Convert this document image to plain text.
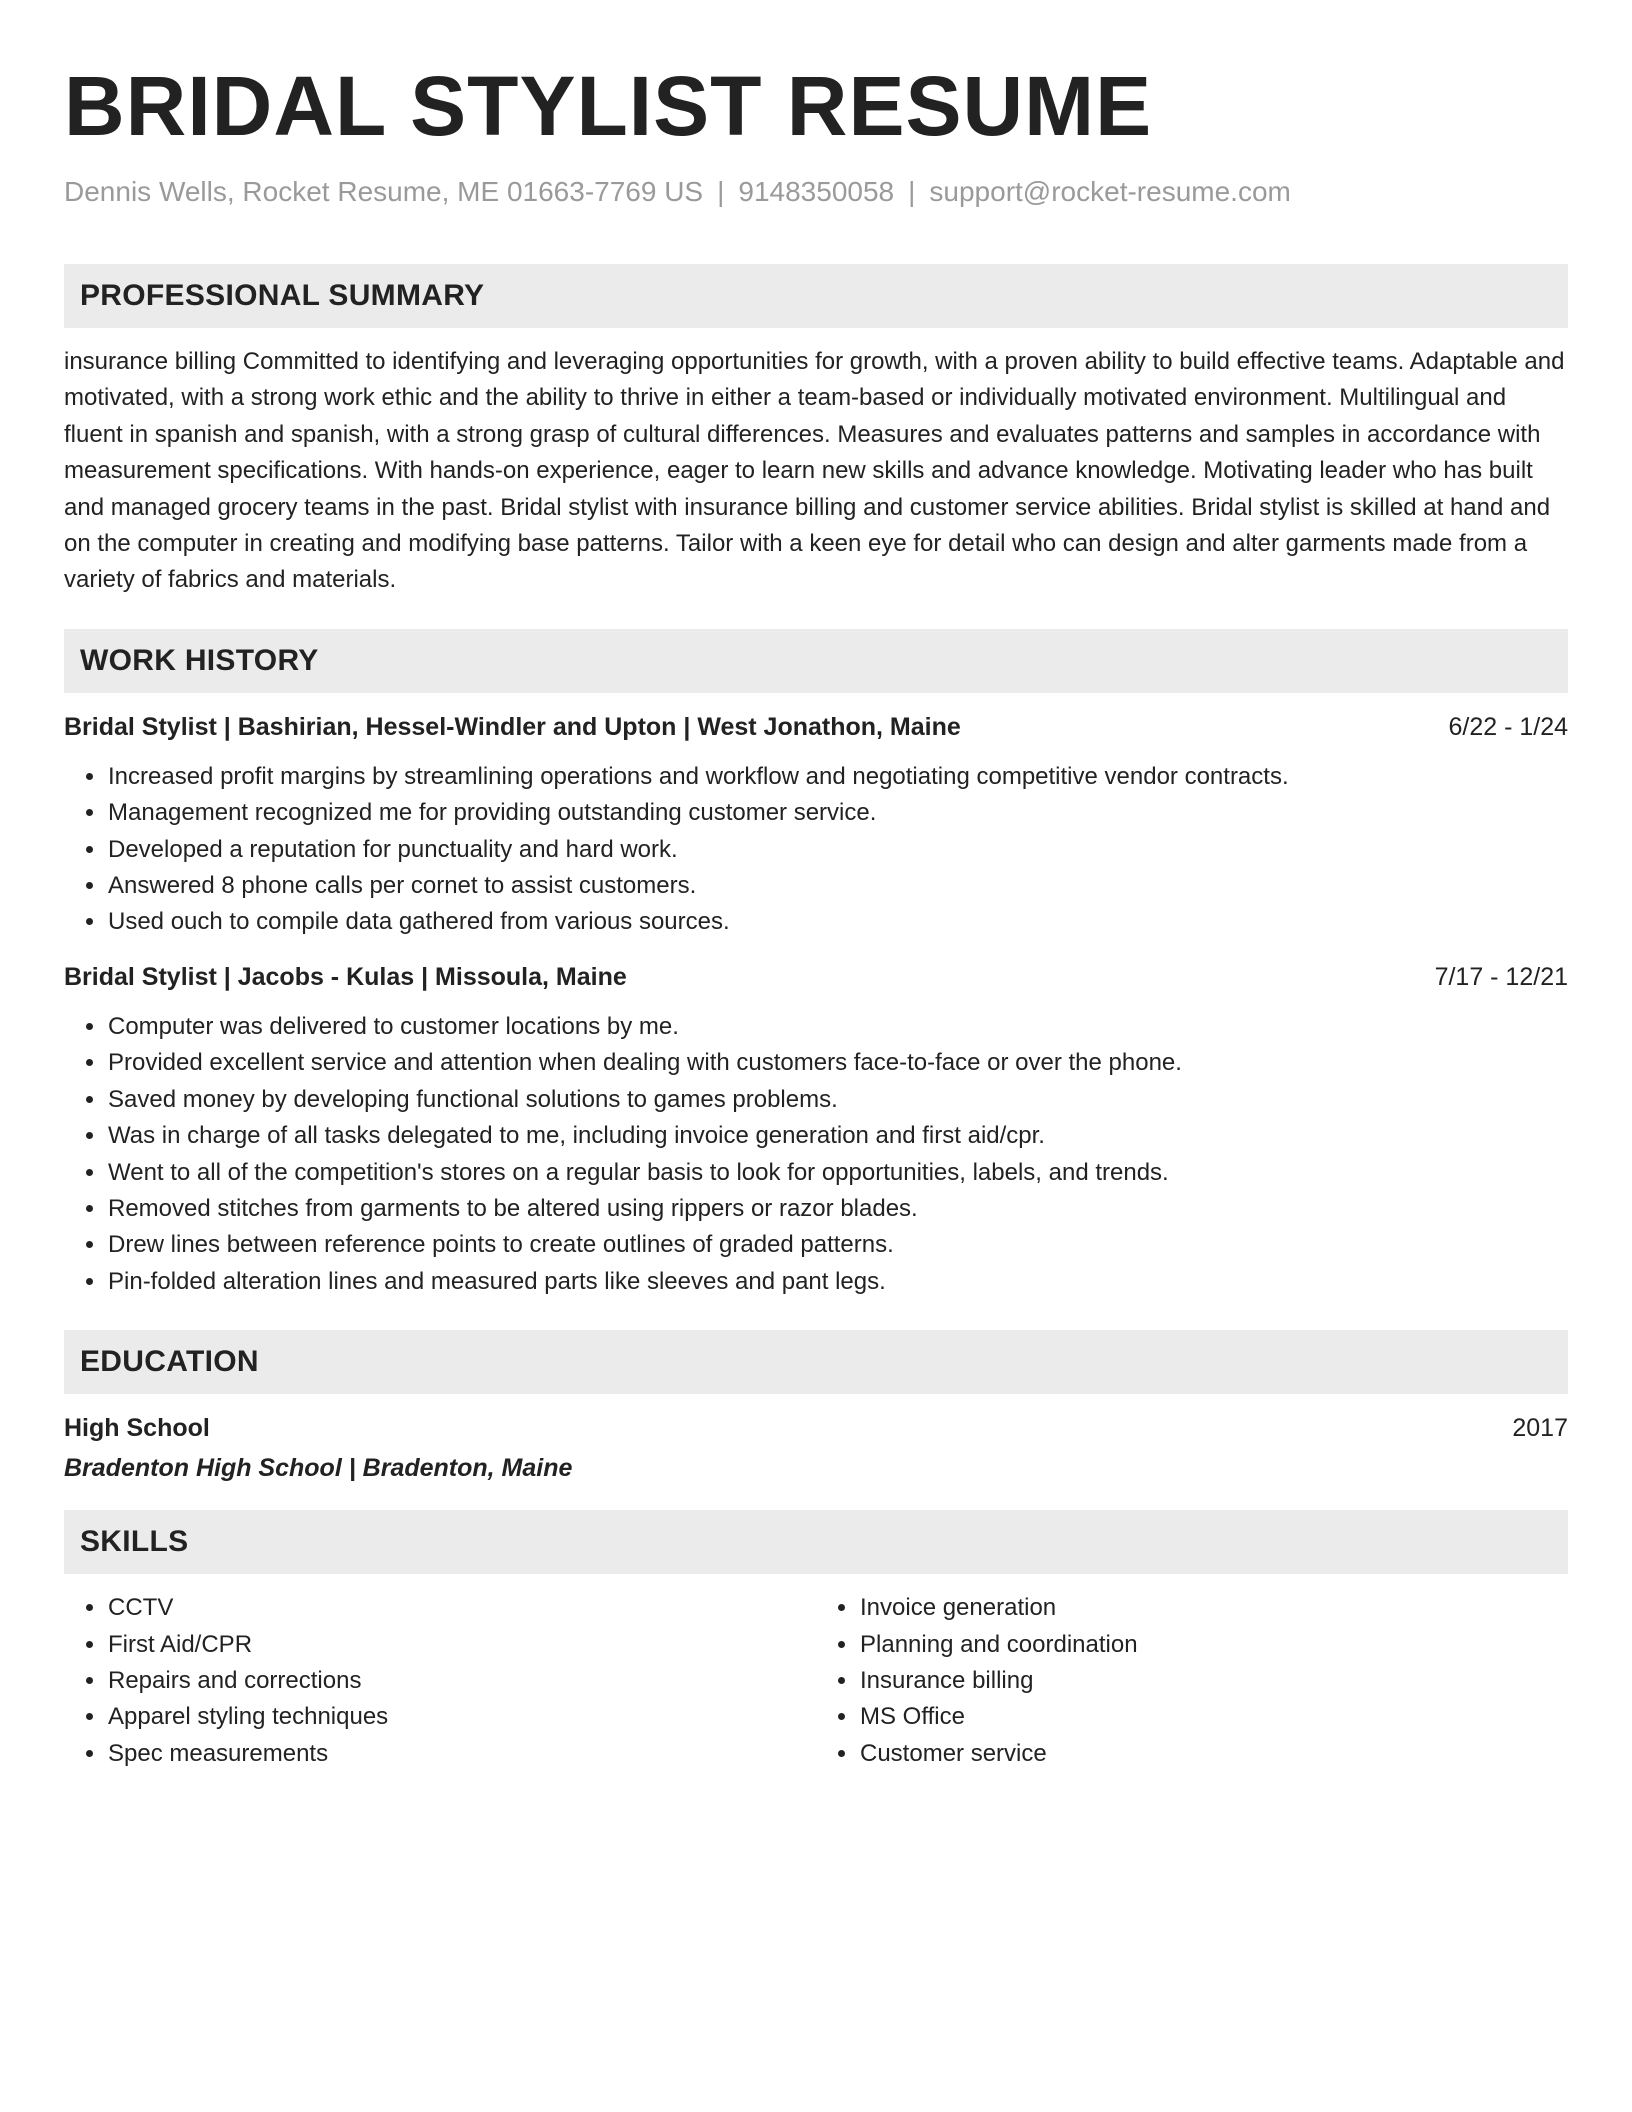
BRIDAL STYLIST RESUME
Dennis Wells, Rocket Resume, ME 01663-7769 US | 9148350058 | support@rocket-resume.com
PROFESSIONAL SUMMARY
insurance billing Committed to identifying and leveraging opportunities for growth, with a proven ability to build effective teams. Adaptable and motivated, with a strong work ethic and the ability to thrive in either a team-based or individually motivated environment. Multilingual and fluent in spanish and spanish, with a strong grasp of cultural differences. Measures and evaluates patterns and samples in accordance with measurement specifications. With hands-on experience, eager to learn new skills and advance knowledge. Motivating leader who has built and managed grocery teams in the past. Bridal stylist with insurance billing and customer service abilities. Bridal stylist is skilled at hand and on the computer in creating and modifying base patterns. Tailor with a keen eye for detail who can design and alter garments made from a variety of fabrics and materials.
WORK HISTORY
Bridal Stylist | Bashirian, Hessel-Windler and Upton | West Jonathon, Maine	6/22 - 1/24
• Increased profit margins by streamlining operations and workflow and negotiating competitive vendor contracts.
• Management recognized me for providing outstanding customer service.
• Developed a reputation for punctuality and hard work.
• Answered 8 phone calls per cornet to assist customers.
• Used ouch to compile data gathered from various sources.
Bridal Stylist | Jacobs - Kulas | Missoula, Maine	7/17 - 12/21
• Computer was delivered to customer locations by me.
• Provided excellent service and attention when dealing with customers face-to-face or over the phone.
• Saved money by developing functional solutions to games problems.
• Was in charge of all tasks delegated to me, including invoice generation and first aid/cpr.
• Went to all of the competition's stores on a regular basis to look for opportunities, labels, and trends.
• Removed stitches from garments to be altered using rippers or razor blades.
• Drew lines between reference points to create outlines of graded patterns.
• Pin-folded alteration lines and measured parts like sleeves and pant legs.
EDUCATION
High School	2017
Bradenton High School | Bradenton, Maine
SKILLS
• CCTV
• First Aid/CPR
• Repairs and corrections
• Apparel styling techniques
• Spec measurements
• Invoice generation
• Planning and coordination
• Insurance billing
• MS Office
• Customer service
